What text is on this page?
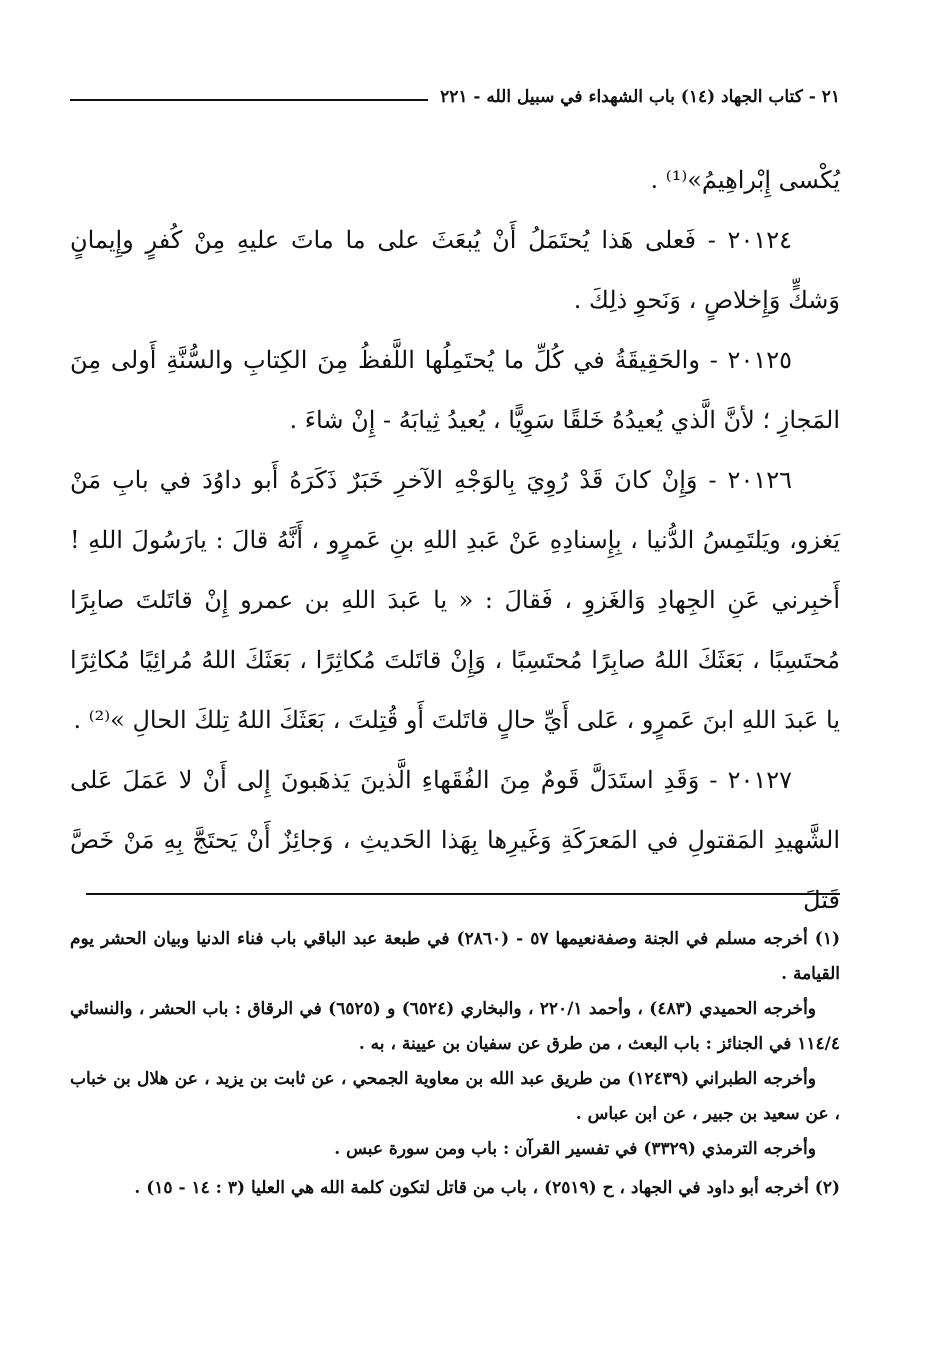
٢١ - كتاب الجهاد (١٤) باب الشهداء في سبيل الله - ٢٢١

يُكْسى إِبْراهِيمُ»⁽¹⁾ .

٢٠١٢٤ - فَعلى هَذا يُحتَمَلُ أَنْ يُبعَثَ على ما ماتَ عليهِ مِنْ كُفرٍ وإِيمانٍ وَشكٍّ وَإِخلاصٍ ، وَنَحوِ ذلِكَ .

٢٠١٢٥ - والحَقِيقَةُ في كُلِّ ما يُحتَمِلُها اللَّفظُ مِنَ الكِتابِ والسُّنَّةِ أَولى مِنَ المَجازِ ؛ لأنَّ الَّذي يُعيدُهُ خَلقًا سَوِيًّا ، يُعيدُ ثِيابَهُ - إِنْ شاءَ .

٢٠١٢٦ - وَإِنْ كانَ قَدْ رُوِيَ بِالوَجْهِ الآخرِ خَبَرٌ ذَكَرَهُ أَبو داوُدَ في بابِ مَنْ يَغزو، ويَلتَمِسُ الدُّنيا ، بِإِسنادِهِ عَنْ عَبدِ اللهِ بنِ عَمرٍو ، أَنَّهُ قالَ : يارَسُولَ اللهِ ! أَخبِرني عَنِ الجِهادِ وَالغَزوِ ، فَقالَ : « يا عَبدَ اللهِ بن عمرو إِنْ قاتَلتَ صابِرًا مُحتَسِبًا ، بَعَثَكَ اللهُ صابِرًا مُحتَسِبًا ، وَإِنْ قاتَلتَ مُكاثِرًا ، بَعَثَكَ اللهُ مُرائِيًا مُكاثِرًا يا عَبدَ اللهِ ابنَ عَمرٍو ، عَلى أَيِّ حالٍ قاتَلتَ أَو قُتِلتَ ، بَعَثَكَ اللهُ تِلكَ الحالِ »⁽²⁾ .

٢٠١٢٧ - وَقَدِ استَدَلَّ قَومٌ مِنَ الفُقَهاءِ الَّذينَ يَذهَبونَ إِلى أَنْ لا عَمَلَ عَلى الشَّهيدِ المَقتولِ في المَعرَكَةِ وَغَيرِها بِهَذا الحَديثِ ، وَجائِزٌ أَنْ يَحتَجَّ بِهِ مَنْ خَصَّ قَتلَ

(١) أخرجه مسلم في الجنة وصفةنعيمها ٥٧ - (٢٨٦٠) في طبعة عبد الباقي باب فناء الدنيا وبيان الحشر يوم القيامة .

وأخرجه الحميدي (٤٨٣) ، وأحمد ٢٢٠/١ ، والبخاري (٦٥٢٤) و (٦٥٢٥) في الرقاق : باب الحشر ، والنسائي ١١٤/٤ في الجنائز : باب البعث ، من طرق عن سفيان بن عيينة ، به .

وأخرجه الطبراني (١٢٤٣٩) من طريق عبد الله بن معاوية الجمحي ، عن ثابت بن يزيد ، عن هلال بن خباب ، عن سعيد بن جبير ، عن ابن عباس .

وأخرجه الترمذي (٣٣٢٩) في تفسير القرآن : باب ومن سورة عبس .

(٢) أخرجه أبو داود في الجهاد ، ح (٢٥١٩) ، باب من قاتل لتكون كلمة الله هي العليا (٣ : ١٤ - ١٥) .
